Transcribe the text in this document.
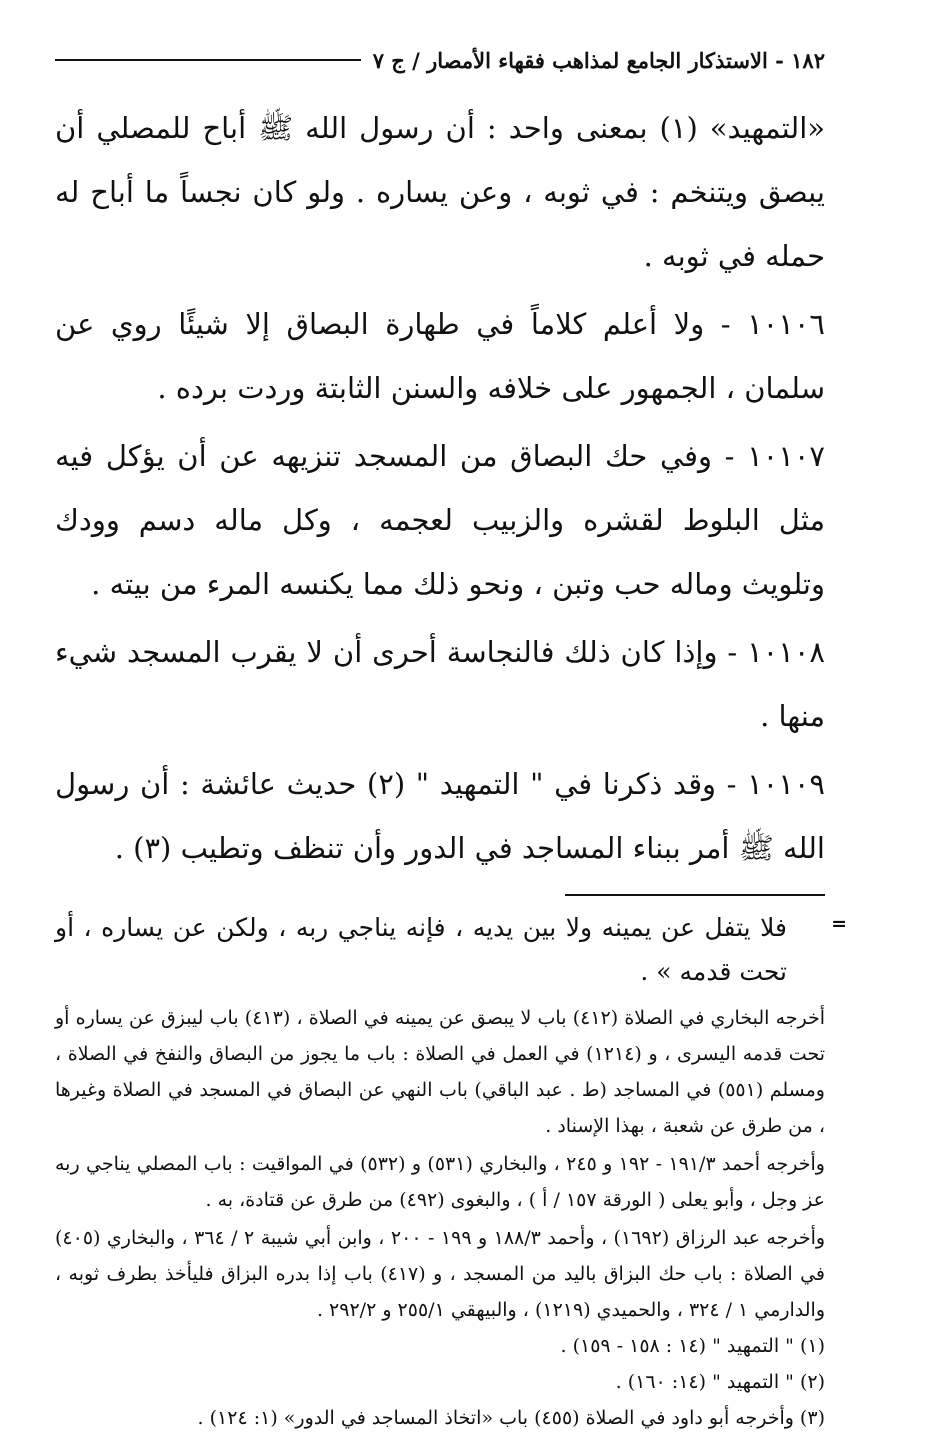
١٨٢ - الاستذكار الجامع لمذاهب فقهاء الأمصار / ج ٧

«التمهيد» (١) بمعنى واحد : أن رسول الله ﷺ أباح للمصلي أن يبصق ويتنخم : في ثوبه ، وعن يساره . ولو كان نجساً ما أباح له حمله في ثوبه .

١٠١٠٦ - ولا أعلم كلاماً في طهارة البصاق إلا شيئًا روي عن سلمان ، الجمهور على خلافه والسنن الثابتة وردت برده .

١٠١٠٧ - وفي حك البصاق من المسجد تنزيهه عن أن يؤكل فيه مثل البلوط لقشره والزبيب لعجمه ، وكل ماله دسم وودك وتلويث وماله حب وتبن ، ونحو ذلك مما يكنسه المرء من بيته .

١٠١٠٨ - وإذا كان ذلك فالنجاسة أحرى أن لا يقرب المسجد شيء منها .

١٠١٠٩ - وقد ذكرنا في " التمهيد " (٢) حديث عائشة : أن رسول الله ﷺ أمر ببناء المساجد في الدور وأن تنظف وتطيب (٣) .

=

فلا يتفل عن يمينه ولا بين يديه ، فإنه يناجي ربه ، ولكن عن يساره ، أو تحت قدمه » .

أخرجه البخاري في الصلاة (٤١٢) باب لا يبصق عن يمينه في الصلاة ، (٤١٣) باب ليبزق عن يساره أو تحت قدمه اليسرى ، و (١٢١٤) في العمل في الصلاة : باب ما يجوز من البصاق والنفخ في الصلاة ، ومسلم (٥٥١) في المساجد (ط . عبد الباقي) باب النهي عن البصاق في المسجد في الصلاة وغيرها ، من طرق عن شعبة ، بهذا الإسناد .

وأخرجه أحمد ١٩١/٣ - ١٩٢ و ٢٤٥ ، والبخاري (٥٣١) و (٥٣٢) في المواقيت : باب المصلي يناجي ربه عز وجل ، وأبو يعلى ( الورقة ١٥٧ / أ ) ، والبغوى (٤٩٢) من طرق عن قتادة، به .

وأخرجه عبد الرزاق (١٦٩٢) ، وأحمد ١٨٨/٣ و ١٩٩ - ٢٠٠ ، وابن أبي شيبة ٢ / ٣٦٤ ، والبخاري (٤٠٥) في الصلاة : باب حك البزاق باليد من المسجد ، و (٤١٧) باب إذا بدره البزاق فليأخذ بطرف ثوبه ، والدارمي ١ / ٣٢٤ ، والحميدي (١٢١٩) ، والبيهقي ٢٥٥/١ و ٢٩٢/٢ .

(١) " التمهيد " (١٤ : ١٥٨ - ١٥٩) .

(٢) " التمهيد " (١٤: ١٦٠) .

(٣) وأخرجه أبو داود في الصلاة (٤٥٥) باب «اتخاذ المساجد في الدور» (١: ١٢٤) .
